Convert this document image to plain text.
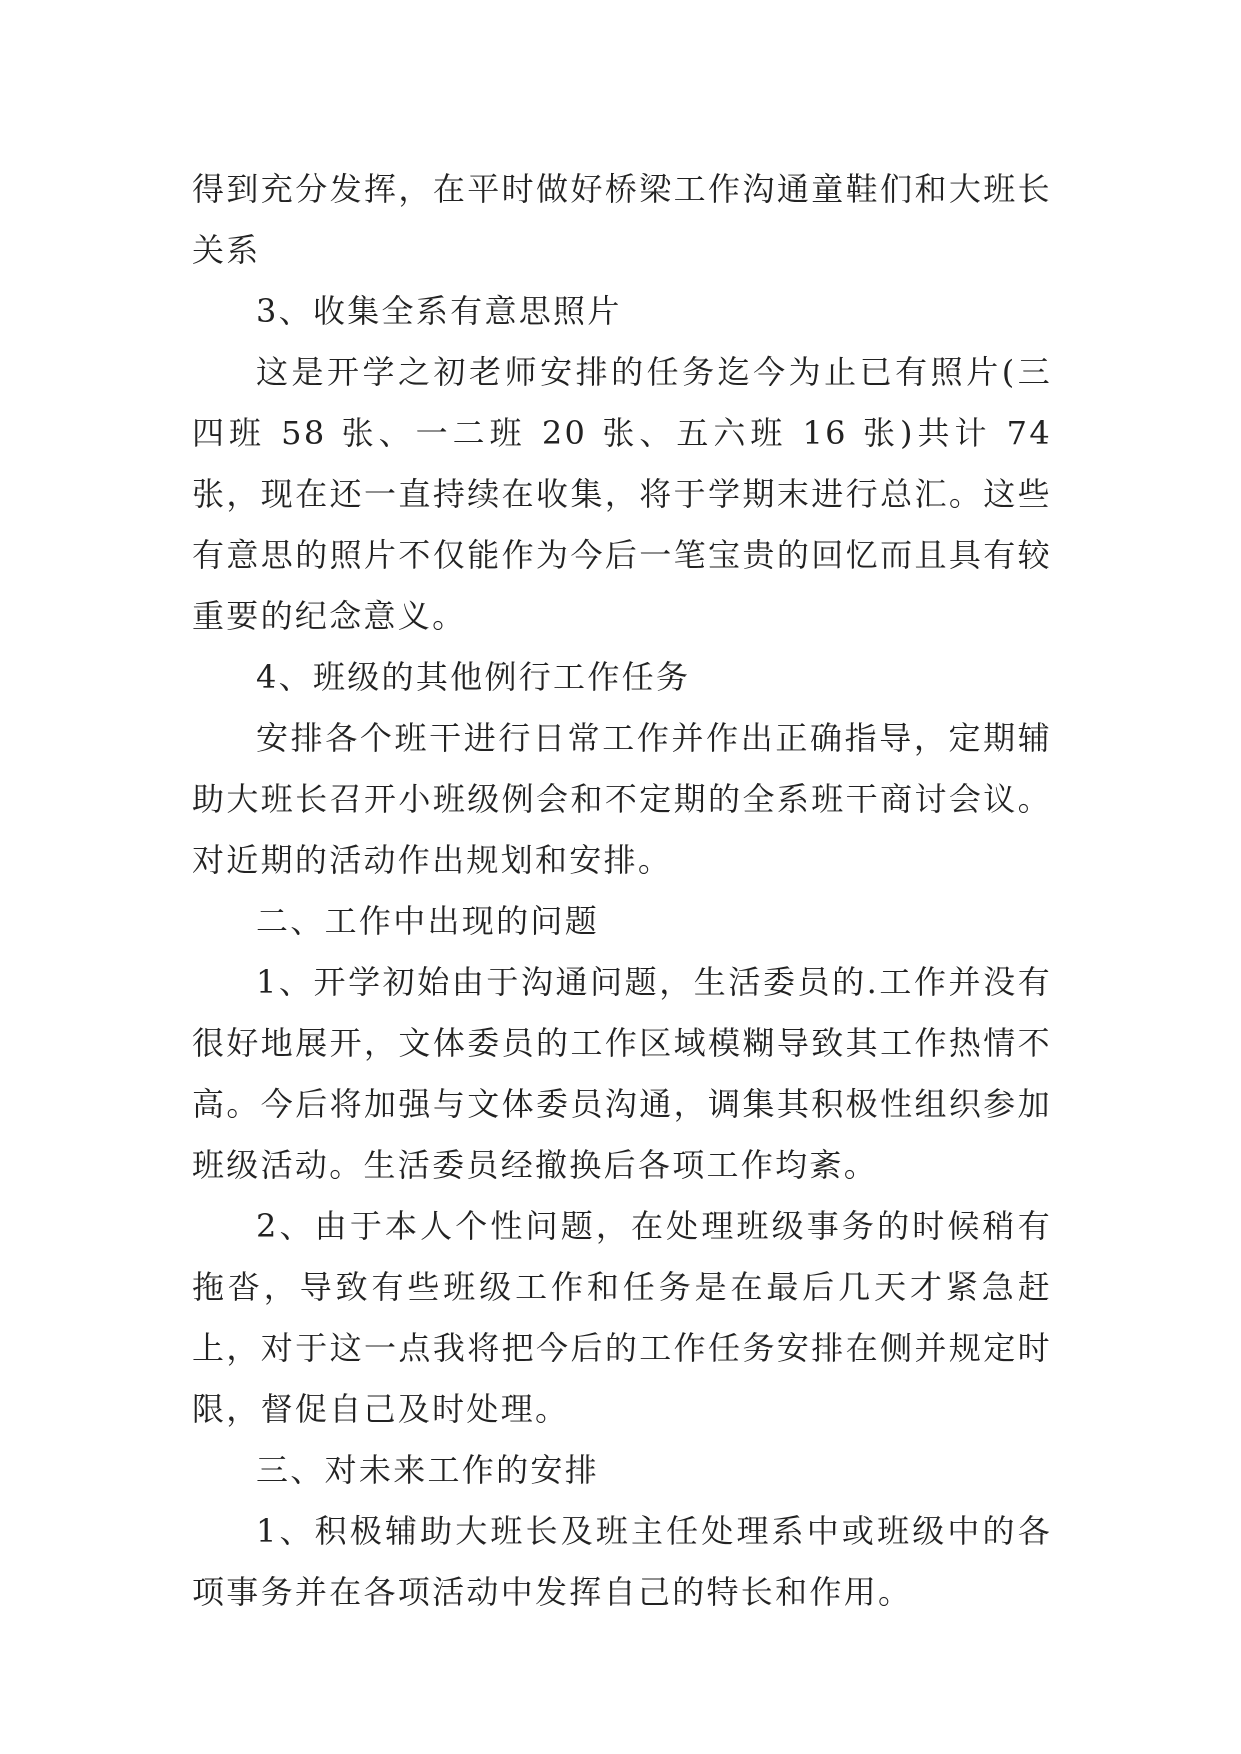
得到充分发挥，在平时做好桥梁工作沟通童鞋们和大班长关系

3、收集全系有意思照片

这是开学之初老师安排的任务迄今为止已有照片(三四班 58 张、一二班 20 张、五六班 16 张)共计 74 张，现在还一直持续在收集，将于学期末进行总汇。这些有意思的照片不仅能作为今后一笔宝贵的回忆而且具有较重要的纪念意义。

4、班级的其他例行工作任务

安排各个班干进行日常工作并作出正确指导，定期辅助大班长召开小班级例会和不定期的全系班干商讨会议。对近期的活动作出规划和安排。

二、工作中出现的问题

1、开学初始由于沟通问题，生活委员的.工作并没有很好地展开，文体委员的工作区域模糊导致其工作热情不高。今后将加强与文体委员沟通，调集其积极性组织参加班级活动。生活委员经撤换后各项工作均紊。

2、由于本人个性问题，在处理班级事务的时候稍有拖沓，导致有些班级工作和任务是在最后几天才紧急赶上，对于这一点我将把今后的工作任务安排在侧并规定时限，督促自己及时处理。

三、对未来工作的安排

1、积极辅助大班长及班主任处理系中或班级中的各项事务并在各项活动中发挥自己的特长和作用。
